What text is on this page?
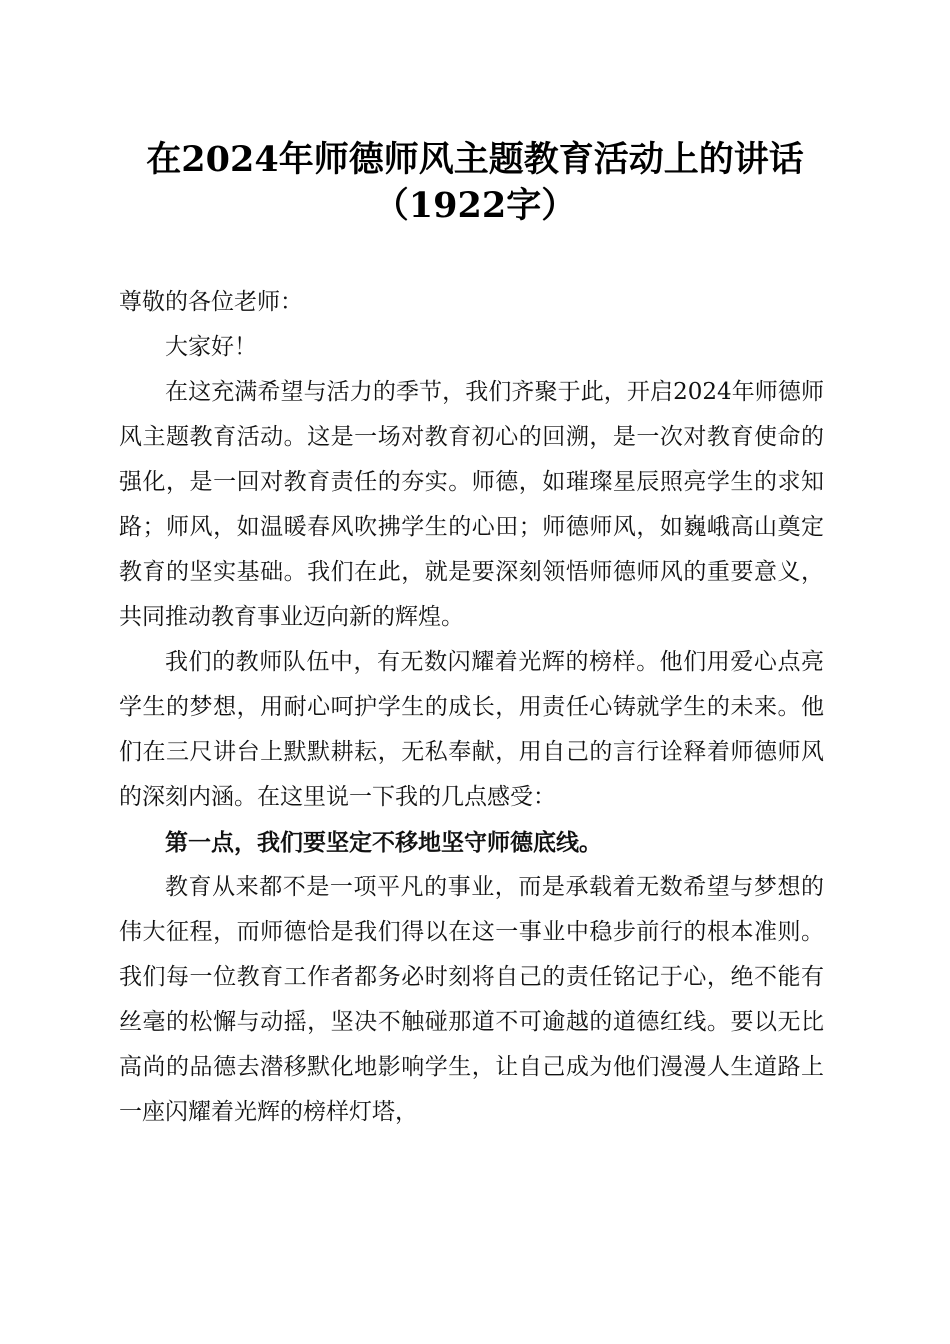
在2024年师德师风主题教育活动上的讲话
（1922字）

尊敬的各位老师：

大家好！

在这充满希望与活力的季节，我们齐聚于此，开启2024年师德师风主题教育活动。这是一场对教育初心的回溯，是一次对教育使命的强化，是一回对教育责任的夯实。师德，如璀璨星辰照亮学生的求知路；师风，如温暖春风吹拂学生的心田；师德师风，如巍峨高山奠定教育的坚实基础。我们在此，就是要深刻领悟师德师风的重要意义，共同推动教育事业迈向新的辉煌。

我们的教师队伍中，有无数闪耀着光辉的榜样。他们用爱心点亮学生的梦想，用耐心呵护学生的成长，用责任心铸就学生的未来。他们在三尺讲台上默默耕耘，无私奉献，用自己的言行诠释着师德师风的深刻内涵。在这里说一下我的几点感受：

第一点，我们要坚定不移地坚守师德底线。

教育从来都不是一项平凡的事业，而是承载着无数希望与梦想的伟大征程，而师德恰是我们得以在这一事业中稳步前行的根本准则。我们每一位教育工作者都务必时刻将自己的责任铭记于心，绝不能有丝毫的松懈与动摇，坚决不触碰那道不可逾越的道德红线。要以无比高尚的品德去潜移默化地影响学生，让自己成为他们漫漫人生道路上一座闪耀着光辉的榜样灯塔，
